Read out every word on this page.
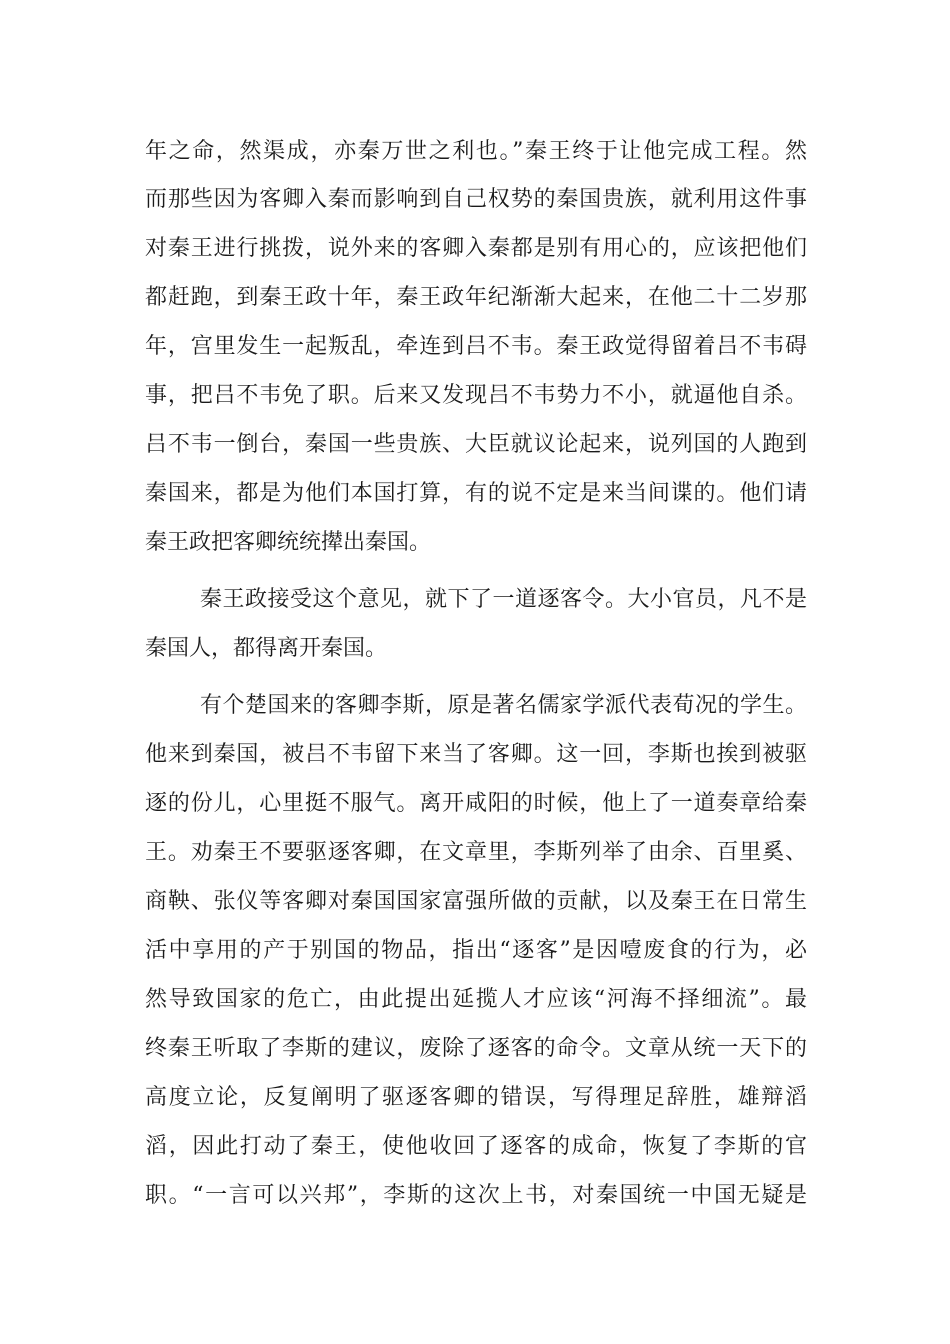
年之命，然渠成，亦秦万世之利也。”秦王终于让他完成工程。然
而那些因为客卿入秦而影响到自己权势的秦国贵族，就利用这件事
对秦王进行挑拨，说外来的客卿入秦都是别有用心的，应该把他们
都赶跑，到秦王政十年，秦王政年纪渐渐大起来，在他二十二岁那
年，宫里发生一起叛乱，牵连到吕不韦。秦王政觉得留着吕不韦碍
事，把吕不韦免了职。后来又发现吕不韦势力不小，就逼他自杀。
吕不韦一倒台，秦国一些贵族、大臣就议论起来，说列国的人跑到
秦国来，都是为他们本国打算，有的说不定是来当间谍的。他们请
秦王政把客卿统统撵出秦国。
秦王政接受这个意见，就下了一道逐客令。大小官员，凡不是
秦国人，都得离开秦国。
有个楚国来的客卿李斯，原是著名儒家学派代表荀况的学生。
他来到秦国，被吕不韦留下来当了客卿。这一回，李斯也挨到被驱
逐的份儿，心里挺不服气。离开咸阳的时候，他上了一道奏章给秦
王。劝秦王不要驱逐客卿，在文章里，李斯列举了由余、百里奚、
商鞅、张仪等客卿对秦国国家富强所做的贡献，以及秦王在日常生
活中享用的产于别国的物品，指出“逐客”是因噎废食的行为，必
然导致国家的危亡，由此提出延揽人才应该“河海不择细流”。最
终秦王听取了李斯的建议，废除了逐客的命令。文章从统一天下的
高度立论，反复阐明了驱逐客卿的错误，写得理足辞胜，雄辩滔
滔，因此打动了秦王，使他收回了逐客的成命，恢复了李斯的官
职。“一言可以兴邦”，李斯的这次上书，对秦国统一中国无疑是
